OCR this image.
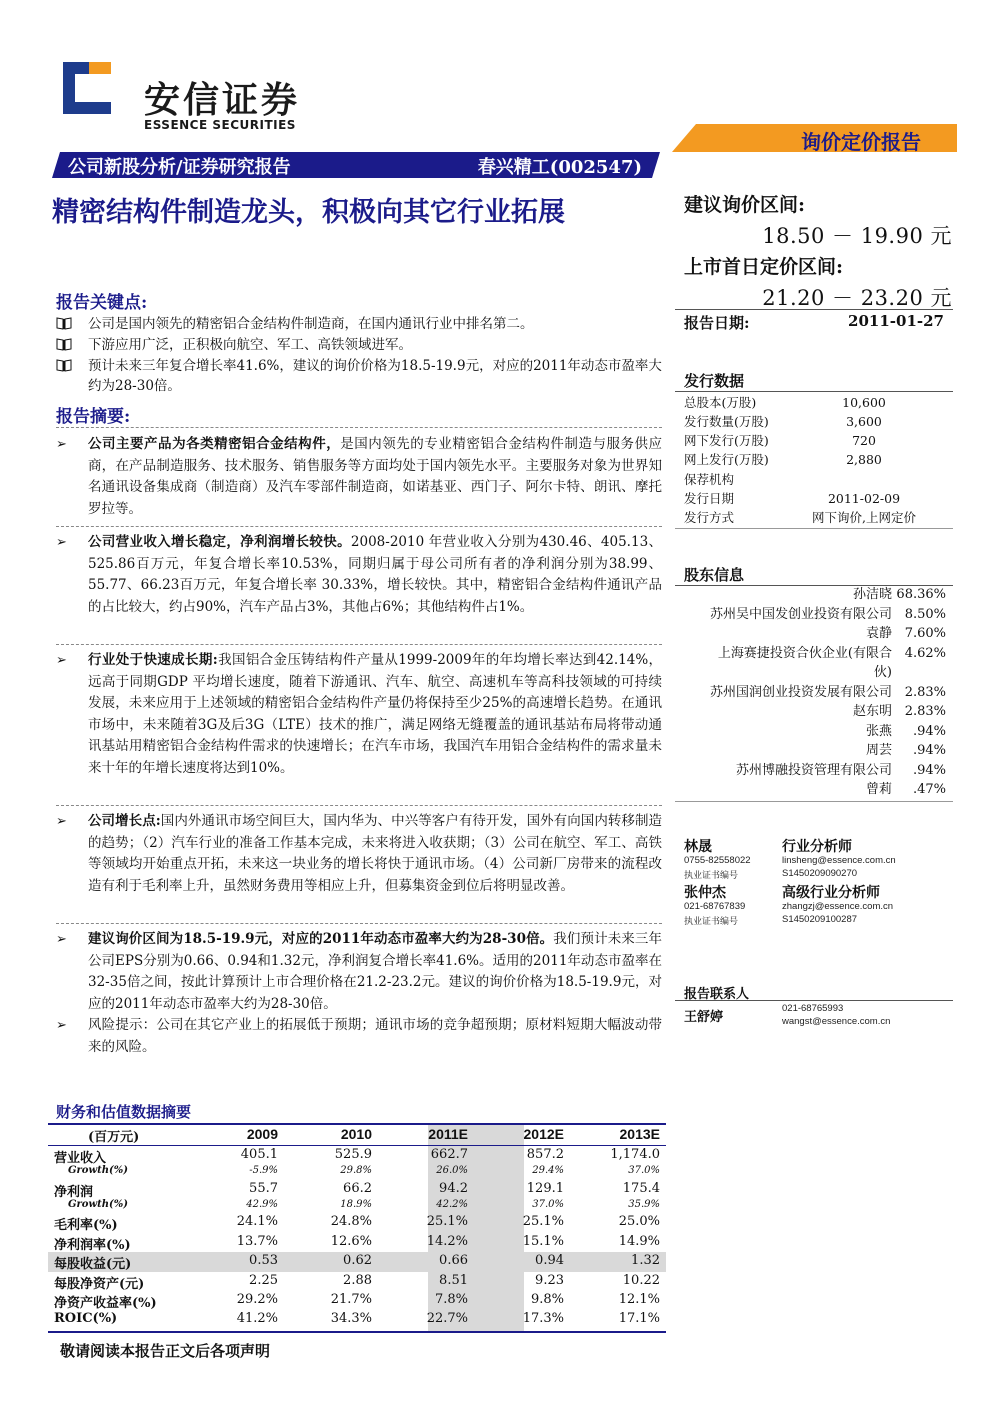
安信证券
ESSENCE SECURITIES
询价定价报告
公司新股分析/证券研究报告	春兴精工(002547)
精密结构件制造龙头，积极向其它行业拓展
报告关键点:
公司是国内领先的精密铝合金结构件制造商，在国内通讯行业中排名第二。
下游应用广泛，正积极向航空、军工、高铁领域进军。
预计未来三年复合增长率41.6%，建议的询价价格为18.5-19.9元，对应的2011年动态市盈率大约为28-30倍。
报告摘要:
➢	公司主要产品为各类精密铝合金结构件，是国内领先的专业精密铝合金结构件制造与服务供应商，在产品制造服务、技术服务、销售服务等方面均处于国内领先水平。主要服务对象为世界知名通讯设备集成商（制造商）及汽车零部件制造商，如诺基亚、西门子、阿尔卡特、朗讯、摩托罗拉等。
➢	公司营业收入增长稳定，净利润增长较快。2008-2010 年营业收入分别为430.46、405.13、525.86百万元，年复合增长率10.53%，同期归属于母公司所有者的净利润分别为38.99、55.77、66.23百万元，年复合增长率 30.33%，增长较快。其中，精密铝合金结构件通讯产品的占比较大，约占90%，汽车产品占3%，其他占6%；其他结构件占1%。
➢	行业处于快速成长期:我国铝合金压铸结构件产量从1999-2009年的年均增长率达到42.14%，远高于同期GDP 平均增长速度，随着下游通讯、汽车、航空、高速机车等高科技领域的可持续发展，未来应用于上述领域的精密铝合金结构件产量仍将保持至少25%的高速增长趋势。在通讯市场中，未来随着3G及后3G（LTE）技术的推广，满足网络无缝覆盖的通讯基站布局将带动通讯基站用精密铝合金结构件需求的快速增长；在汽车市场，我国汽车用铝合金结构件的需求量未来十年的年增长速度将达到10%。
➢	公司增长点:国内外通讯市场空间巨大，国内华为、中兴等客户有待开发，国外有向国内转移制造的趋势；（2）汽车行业的准备工作基本完成，未来将进入收获期；（3）公司在航空、军工、高铁等领域均开始重点开拓，未来这一块业务的增长将快于通讯市场。（4）公司新厂房带来的流程改造有利于毛利率上升，虽然财务费用等相应上升，但募集资金到位后将明显改善。
➢	建议询价区间为18.5-19.9元，对应的2011年动态市盈率大约为28-30倍。我们预计未来三年公司EPS分别为0.66、0.94和1.32元，净利润复合增长率41.6%。适用的2011年动态市盈率在32-35倍之间，按此计算预计上市合理价格在21.2-23.2元。建议的询价价格为18.5-19.9元，对应的2011年动态市盈率大约为28-30倍。
➢	风险提示：公司在其它产业上的拓展低于预期；通讯市场的竞争超预期；原材料短期大幅波动带来的风险。
建议询价区间:
18.50 － 19.90 元
上市首日定价区间:
21.20 － 23.20 元
报告日期:	2011-01-27
发行数据
总股本(万股)	10,600
发行数量(万股)	3,600
网下发行(万股)	720
网上发行(万股)	2,880
保荐机构
发行日期	2011-02-09
发行方式	网下询价,上网定价
股东信息
孙洁晓 68.36%
苏州吴中国发创业投资有限公司 8.50%
袁静 7.60%
上海赛捷投资合伙企业(有限合 4.62%
伙)
苏州国润创业投资发展有限公司 2.83%
赵东明 2.83%
张燕	.94%
周芸	.94%
苏州博融投资管理有限公司	.94%
曾莉	.47%
林晟	行业分析师
0755-82558022	linsheng@essence.com.cn
执业证书编号	S1450209090270
张仲杰	高级行业分析师
021-68767839	zhangzj@essence.com.cn
执业证书编号	S1450209100287
报告联系人
王舒婷
021-68765993
wangst@essence.com.cn
财务和估值数据摘要
(百万元)	2009	2010	2011E	2012E	2013E
营业收入	405.1	525.9	662.7	857.2	1,174.0
Growth(%)	-5.9%	29.8%	26.0%	29.4%	37.0%
净利润	55.7	66.2	94.2	129.1	175.4
Growth(%)	42.9%	18.9%	42.2%	37.0%	35.9%
毛利率(%)	24.1%	24.8%	25.1%	25.1%	25.0%
净利润率(%)	13.7%	12.6%	14.2%	15.1%	14.9%
每股收益(元)	0.53	0.62	0.66	0.94	1.32
每股净资产(元)	2.25	2.88	8.51	9.23	10.22
净资产收益率(%)	29.2%	21.7%	7.8%	9.8%	12.1%
ROIC(%)	41.2%	34.3%	22.7%	17.3%	17.1%
敬请阅读本报告正文后各项声明
